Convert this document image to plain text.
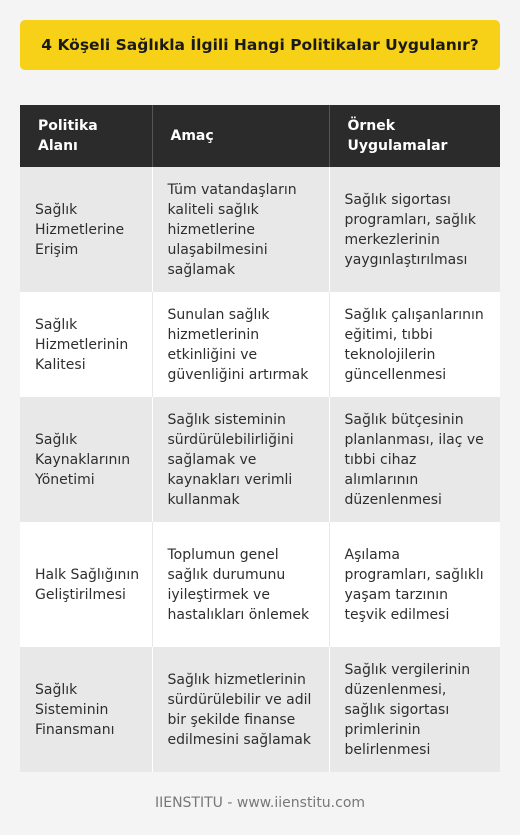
4 Köşeli Sağlıkla İlgili Hangi Politikalar Uygulanır?
Politika Alanı	Amaç	Örnek Uygulamalar
Sağlık Hizmetlerine Erişim	Tüm vatandaşların kaliteli sağlık hizmetlerine ulaşabilmesini sağlamak	Sağlık sigortası programları, sağlık merkezlerinin yaygınlaştırılması
Sağlık Hizmetlerinin Kalitesi	Sunulan sağlık hizmetlerinin etkinliğini ve güvenliğini artırmak	Sağlık çalışanlarının eğitimi, tıbbi teknolojilerin güncellenmesi
Sağlık Kaynaklarının Yönetimi	Sağlık sisteminin sürdürülebilirliğini sağlamak ve kaynakları verimli kullanmak	Sağlık bütçesinin planlanması, ilaç ve tıbbi cihaz alımlarının düzenlenmesi
Halk Sağlığının Geliştirilmesi	Toplumun genel sağlık durumunu iyileştirmek ve hastalıkları önlemek	Aşılama programları, sağlıklı yaşam tarzının teşvik edilmesi
Sağlık Sisteminin Finansmanı	Sağlık hizmetlerinin sürdürülebilir ve adil bir şekilde finanse edilmesini sağlamak	Sağlık vergilerinin düzenlenmesi, sağlık sigortası primlerinin belirlenmesi
IIENSTITU - www.iienstitu.com
